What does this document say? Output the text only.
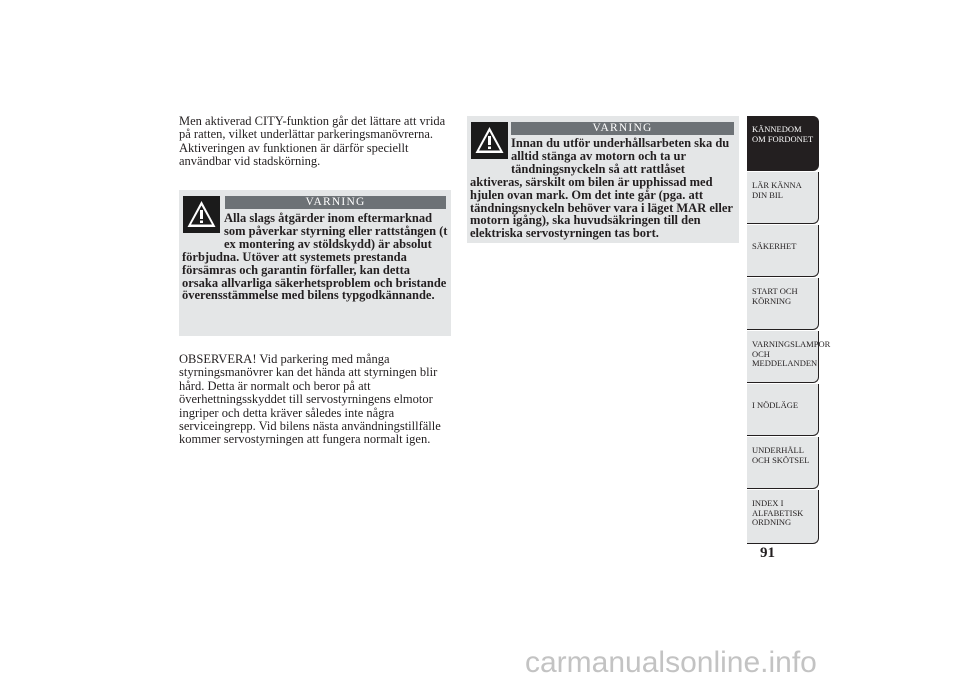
Men aktiverad CITY-funktion går det lättare att vrida på ratten, vilket underlättar parkeringsmanövrerna. Aktiveringen av funktionen är därför speciellt användbar vid stadskörning.

VARNING

Alla slags åtgärder inom eftermarknad som påverkar styrning eller rattstången (t ex montering av stöldskydd) är absolut förbjudna. Utöver att systemets prestanda försämras och garantin förfaller, kan detta orsaka allvarliga säkerhetsproblem och bristande överensstämmelse med bilens typgodkännande.

OBSERVERA! Vid parkering med många styrningsmanövrer kan det hända att styrningen blir hård. Detta är normalt och beror på att överhettningsskyddet till servostyrningens elmotor ingriper och detta kräver således inte några serviceingrepp. Vid bilens nästa användningstillfälle kommer servostyrningen att fungera normalt igen.

VARNING

Innan du utför underhållsarbeten ska du alltid stänga av motorn och ta ur tändningsnyckeln så att rattlåset aktiveras, särskilt om bilen är upphissad med hjulen ovan mark. Om det inte går (pga. att tändningsnyckeln behöver vara i läget MAR eller motorn igång), ska huvudsäkringen till den elektriska servostyrningen tas bort.

KÄNNEDOM OM FORDONET
LÄR KÄNNA DIN BIL
SÄKERHET
START OCH KÖRNING
VARNINGSLAMPOR OCH MEDDELANDEN
I NÖDLÄGE
UNDERHÅLL OCH SKÖTSEL
INDEX I ALFABETISK ORDNING
91
carmanualsonline.info
